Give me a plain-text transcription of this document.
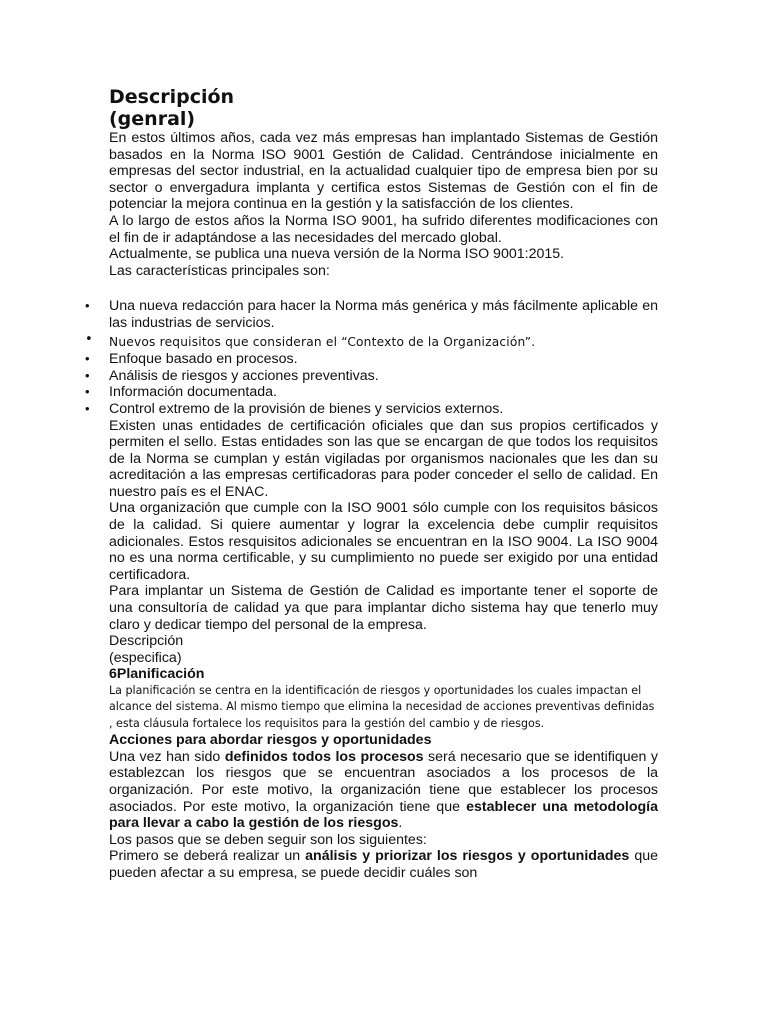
Descripción
(genral)

En estos últimos años, cada vez más empresas han implantado Sistemas de Gestión basados en la Norma ISO 9001 Gestión de Calidad. Centrándose inicialmente en empresas del sector industrial, en la actualidad cualquier tipo de empresa bien por su sector o envergadura implanta y certifica estos Sistemas de Gestión con el fin de potenciar la mejora continua en la gestión y la satisfacción de los clientes.

A lo largo de estos años la Norma ISO 9001, ha sufrido diferentes modificaciones con el fin de ir adaptándose a las necesidades del mercado global.

Actualmente, se publica una nueva versión de la Norma ISO 9001:2015.

Las características principales son:

• Una nueva redacción para hacer la Norma más genérica y más fácilmente aplicable en las industrias de servicios.
• Nuevos requisitos que consideran el “Contexto de la Organización”.
• Enfoque basado en procesos.
• Análisis de riesgos y acciones preventivas.
• Información documentada.
• Control extremo de la provisión de bienes y servicios externos.

Existen unas entidades de certificación oficiales que dan sus propios certificados y permiten el sello. Estas entidades son las que se encargan de que todos los requisitos de la Norma se cumplan y están vigiladas por organismos nacionales que les dan su acreditación a las empresas certificadoras para poder conceder el sello de calidad. En nuestro país es el ENAC.

Una organización que cumple con la ISO 9001 sólo cumple con los requisitos básicos de la calidad. Si quiere aumentar y lograr la excelencia debe cumplir requisitos adicionales. Estos resquisitos adicionales se encuentran en la ISO 9004. La ISO 9004 no es una norma certificable, y su cumplimiento no puede ser exigido por una entidad certificadora.

Para implantar un Sistema de Gestión de Calidad es importante tener el soporte de una consultoría de calidad ya que para implantar dicho sistema hay que tenerlo muy claro y dedicar tiempo del personal de la empresa.

Descripción

(especifica)

6Planificación

La planificación se centra en la identificación de riesgos y oportunidades los cuales impactan el alcance del sistema. Al mismo tiempo que elimina la necesidad de acciones preventivas definidas , esta cláusula fortalece los requisitos para la gestión del cambio y de riesgos.

Acciones para abordar riesgos y oportunidades

Una vez han sido definidos todos los procesos será necesario que se identifiquen y establezcan los riesgos que se encuentran asociados a los procesos de la organización. Por este motivo, la organización tiene que establecer los procesos asociados. Por este motivo, la organización tiene que establecer una metodología para llevar a cabo la gestión de los riesgos.

Los pasos que se deben seguir son los siguientes:

Primero se deberá realizar un análisis y priorizar los riesgos y oportunidades que pueden afectar a su empresa, se puede decidir cuáles son
